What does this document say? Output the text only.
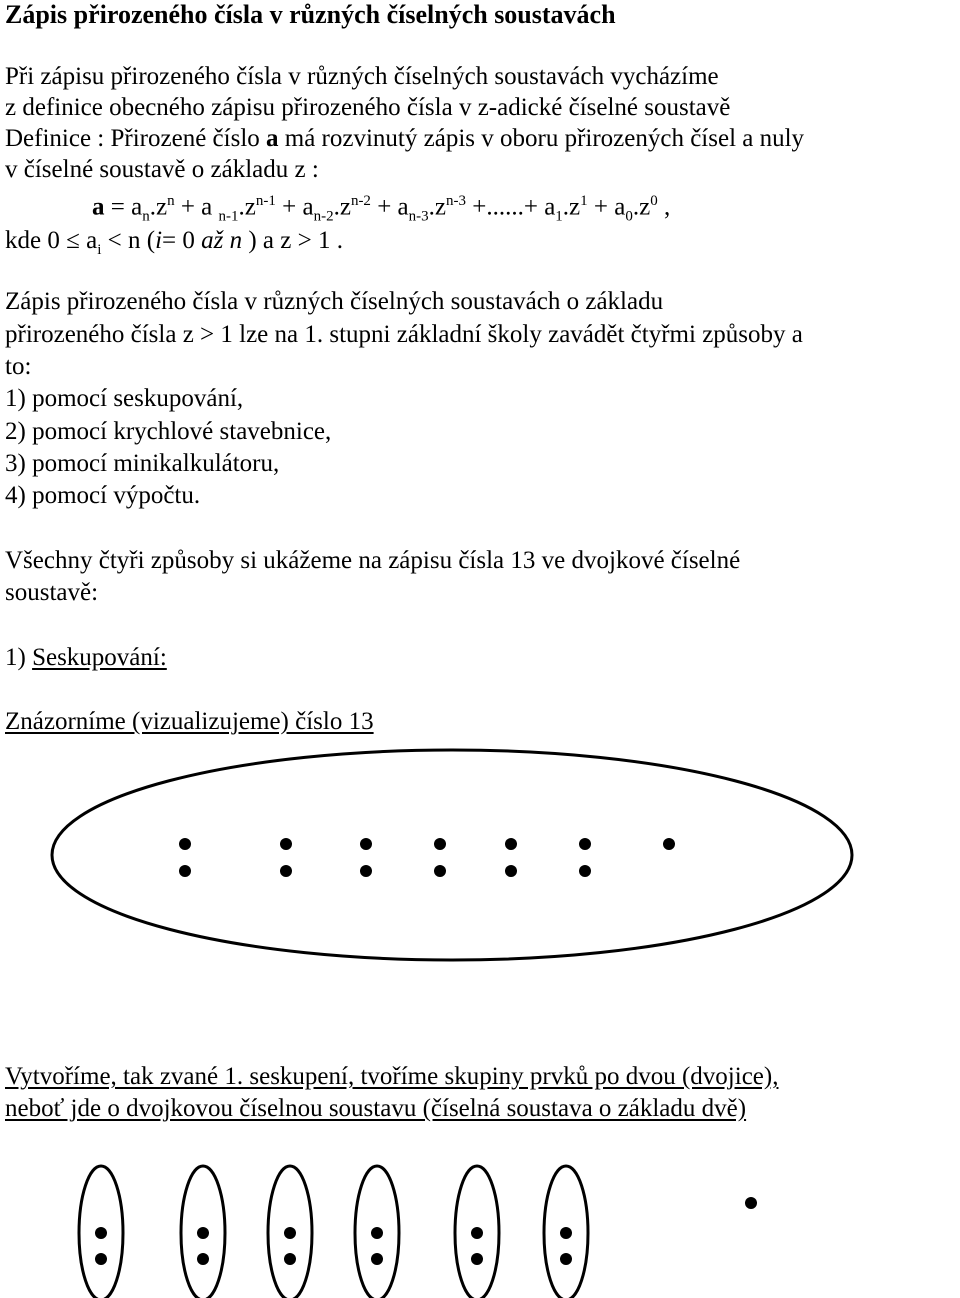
Zápis přirozeného čísla v různých číselných soustavách
Při zápisu přirozeného čísla v různých číselných soustavách vycházíme
z definice obecného zápisu přirozeného čísla v z-adické číselné soustavě
Definice : Přirozené číslo a má rozvinutý zápis v oboru přirozených čísel a nuly
v číselné soustavě o základu z :
$a = a_n.z^n + a$ $_{n-1}.z^{n-1} + a_{n-2}.z^{n-2} + a_{n-3}.z^{n-3}$ +......+ $a_1.z^1 + a_0.z^0$ ,
kde $0 \le a_i < n$ (i= 0 až n ) a z > 1 .
Zápis přirozeného čísla v různých číselných soustavách o základu
přirozeného čísla z > 1 lze na 1. stupni základní školy zavádět čtyřmi způsoby a
to:
1) pomocí seskupování,
2) pomocí krychlové stavebnice,
3) pomocí minikalkulátoru,
4) pomocí výpočtu.
Všechny čtyři způsoby si ukážeme na zápisu čísla 13 ve dvojkové číselné
soustavě:
1) Seskupování:
Znázorníme (vizualizujeme) číslo 13
Vytvoříme, tak zvané 1. seskupení, tvoříme skupiny prvků po dvou (dvojice),
neboť jde o dvojkovou číselnou soustavu (číselná soustava o základu dvě)
